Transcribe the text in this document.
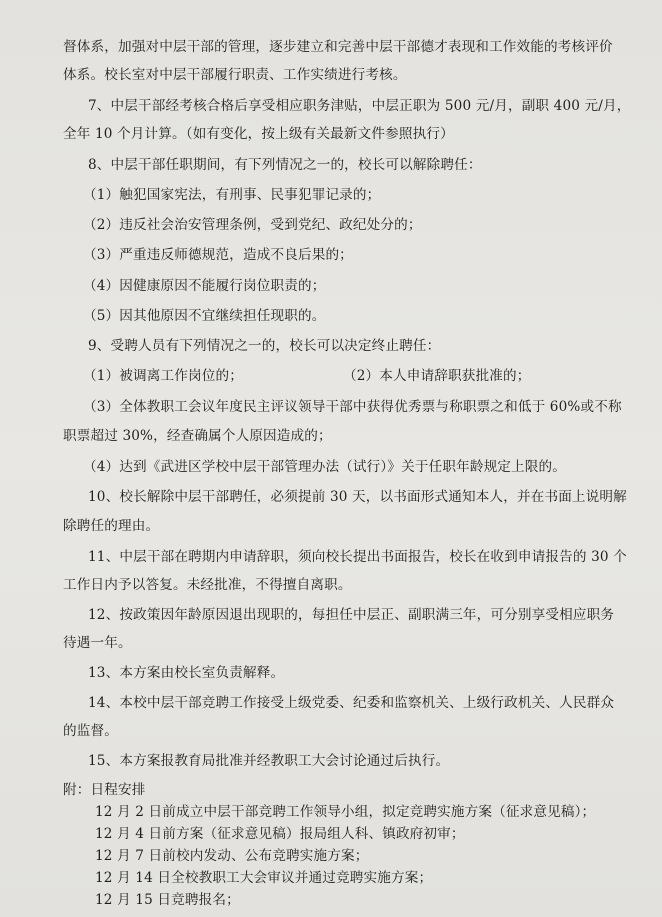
督体系，加强对中层干部的管理，逐步建立和完善中层干部德才表现和工作效能的考核评价
体系。校长室对中层干部履行职责、工作实绩进行考核。
7、中层干部经考核合格后享受相应职务津贴，中层正职为 500 元/月，副职 400 元/月，
全年 10 个月计算。（如有变化，按上级有关最新文件参照执行）
8、中层干部任职期间，有下列情况之一的，校长可以解除聘任：
（1）触犯国家宪法，有刑事、民事犯罪记录的；
（2）违反社会治安管理条例，受到党纪、政纪处分的；
（3）严重违反师德规范，造成不良后果的；
（4）因健康原因不能履行岗位职责的；
（5）因其他原因不宜继续担任现职的。
9、受聘人员有下列情况之一的，校长可以决定终止聘任：
（1）被调离工作岗位的；	（2）本人申请辞职获批准的；
（3）全体教职工会议年度民主评议领导干部中获得优秀票与称职票之和低于 60%或不称
职票超过 30%，经查确属个人原因造成的；
（4）达到《武进区学校中层干部管理办法（试行）》关于任职年龄规定上限的。
10、校长解除中层干部聘任，必须提前 30 天，以书面形式通知本人，并在书面上说明解
除聘任的理由。
11、中层干部在聘期内申请辞职，须向校长提出书面报告，校长在收到申请报告的 30 个
工作日内予以答复。未经批准，不得擅自离职。
12、按政策因年龄原因退出现职的，每担任中层正、副职满三年，可分别享受相应职务
待遇一年。
13、本方案由校长室负责解释。
14、本校中层干部竞聘工作接受上级党委、纪委和监察机关、上级行政机关、人民群众
的监督。
15、本方案报教育局批准并经教职工大会讨论通过后执行。
附：日程安排
12 月 2 日前成立中层干部竞聘工作领导小组，拟定竞聘实施方案（征求意见稿）；
12 月 4 日前方案（征求意见稿）报局组人科、镇政府初审；
12 月 7 日前校内发动、公布竞聘实施方案；
12 月 14 日全校教职工大会审议并通过竞聘实施方案；
12 月 15 日竞聘报名；
